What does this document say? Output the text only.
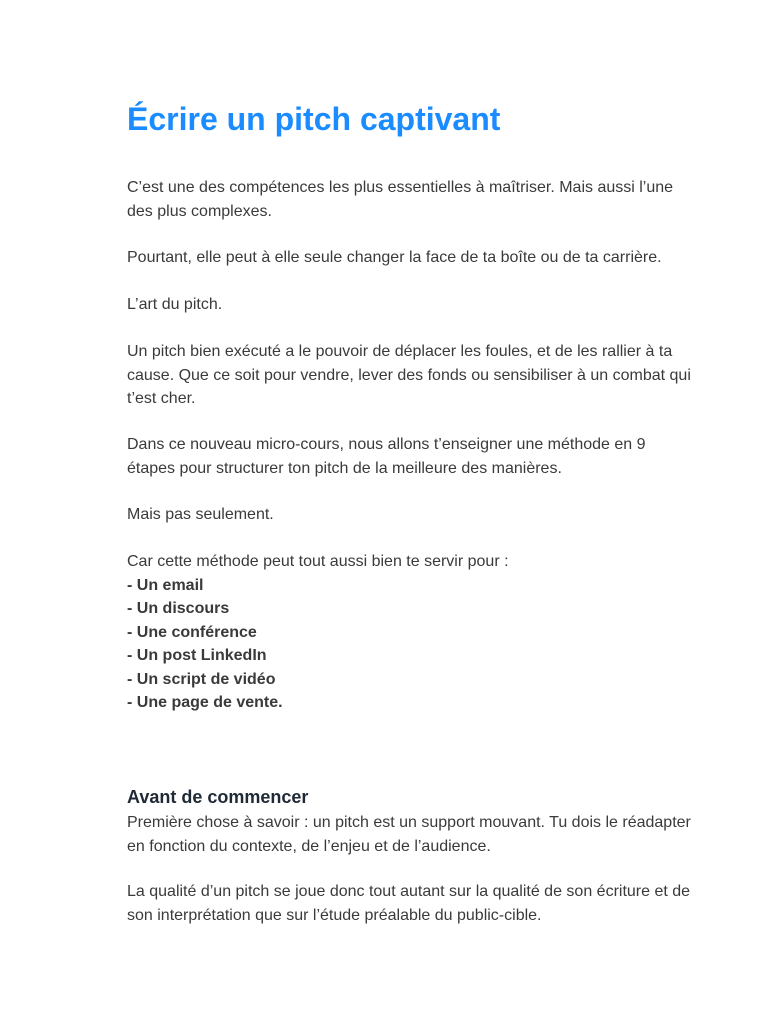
Écrire un pitch captivant

C’est une des compétences les plus essentielles à maîtriser. Mais aussi l’une
des plus complexes.

Pourtant, elle peut à elle seule changer la face de ta boîte ou de ta carrière.

L’art du pitch.

Un pitch bien exécuté a le pouvoir de déplacer les foules, et de les rallier à ta
cause. Que ce soit pour vendre, lever des fonds ou sensibiliser à un combat qui
t’est cher.

Dans ce nouveau micro-cours, nous allons t’enseigner une méthode en 9
étapes pour structurer ton pitch de la meilleure des manières.

Mais pas seulement.

Car cette méthode peut tout aussi bien te servir pour :
- Un email
- Un discours
- Une conférence
- Un post LinkedIn
- Un script de vidéo
- Une page de vente.
Avant de commencer

Première chose à savoir : un pitch est un support mouvant. Tu dois le réadapter
en fonction du contexte, de l’enjeu et de l’audience.

La qualité d’un pitch se joue donc tout autant sur la qualité de son écriture et de
son interprétation que sur l’étude préalable du public-cible.
